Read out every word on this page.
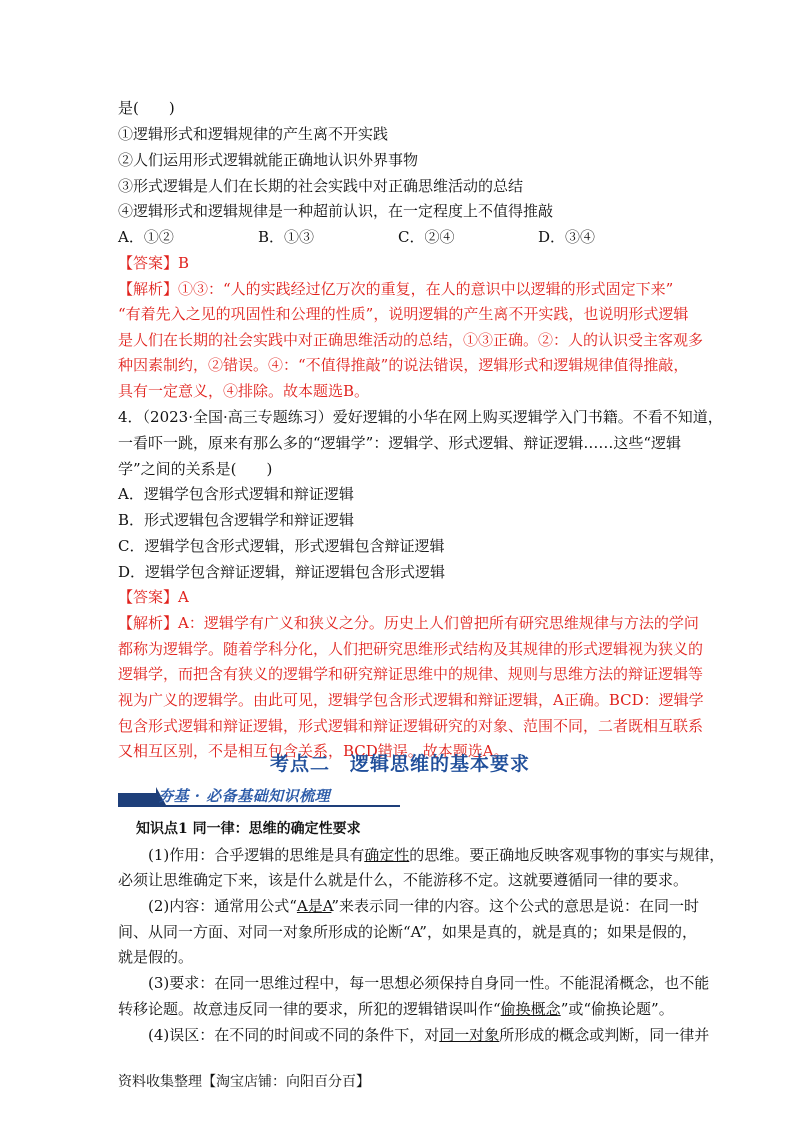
是(　　)
①逻辑形式和逻辑规律的产生离不开实践
②人们运用形式逻辑就能正确地认识外界事物
③形式逻辑是人们在长期的社会实践中对正确思维活动的总结
④逻辑形式和逻辑规律是一种超前认识，在一定程度上不值得推敲
A．①②	B．①③	C．②④	D．③④
【答案】B
【解析】①③：“人的实践经过亿万次的重复，在人的意识中以逻辑的形式固定下来”
“有着先入之见的巩固性和公理的性质”，说明逻辑的产生离不开实践，也说明形式逻辑
是人们在长期的社会实践中对正确思维活动的总结，①③正确。②：人的认识受主客观多
种因素制约，②错误。④：“不值得推敲”的说法错误，逻辑形式和逻辑规律值得推敲，
具有一定意义，④排除。故本题选B。
4．（2023·全国·高三专题练习）爱好逻辑的小华在网上购买逻辑学入门书籍。不看不知道，
一看吓一跳，原来有那么多的“逻辑学”：逻辑学、形式逻辑、辩证逻辑……这些“逻辑
学”之间的关系是(　　)
A．逻辑学包含形式逻辑和辩证逻辑
B．形式逻辑包含逻辑学和辩证逻辑
C．逻辑学包含形式逻辑，形式逻辑包含辩证逻辑
D．逻辑学包含辩证逻辑，辩证逻辑包含形式逻辑
【答案】A
【解析】A：逻辑学有广义和狭义之分。历史上人们曾把所有研究思维规律与方法的学问
都称为逻辑学。随着学科分化，人们把研究思维形式结构及其规律的形式逻辑视为狭义的
逻辑学，而把含有狭义的逻辑学和研究辩证思维中的规律、规则与思维方法的辩证逻辑等
视为广义的逻辑学。由此可见，逻辑学包含形式逻辑和辩证逻辑，A正确。BCD：逻辑学
包含形式逻辑和辩证逻辑，形式逻辑和辩证逻辑研究的对象、范围不同，二者既相互联系
又相互区别，不是相互包含关系，BCD错误。故本题选A。
考点二　逻辑思维的基本要求
夯基 · 必备基础知识梳理
知识点1 同一律：思维的确定性要求
(1)作用：合乎逻辑的思维是具有确定性的思维。要正确地反映客观事物的事实与规律，
必须让思维确定下来，该是什么就是什么，不能游移不定。这就要遵循同一律的要求。
(2)内容：通常用公式“A是A”来表示同一律的内容。这个公式的意思是说：在同一时
间、从同一方面、对同一对象所形成的论断“A”，如果是真的，就是真的；如果是假的，
就是假的。
(3)要求：在同一思维过程中，每一思想必须保持自身同一性。不能混淆概念，也不能
转移论题。故意违反同一律的要求，所犯的逻辑错误叫作“偷换概念”或“偷换论题”。
(4)误区：在不同的时间或不同的条件下，对同一对象所形成的概念或判断，同一律并
资料收集整理【淘宝店铺：向阳百分百】
